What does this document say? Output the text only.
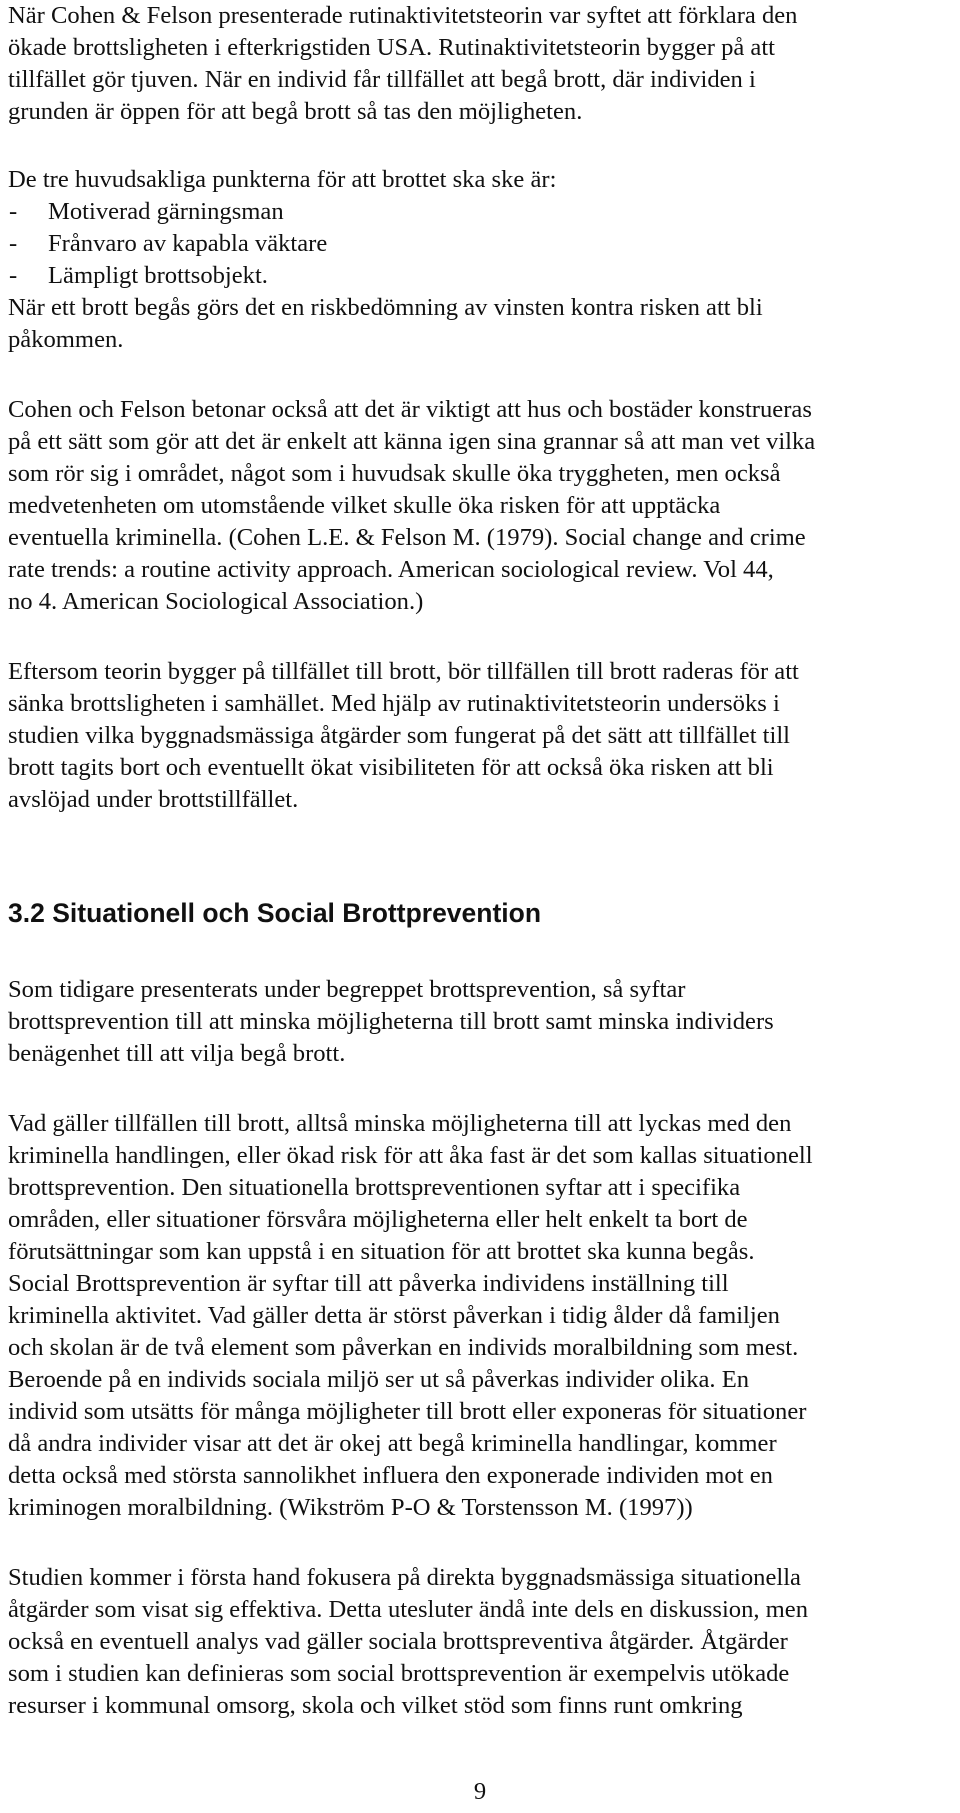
När Cohen & Felson presenterade rutinaktivitetsteorin var syftet att förklara den
ökade brottsligheten i efterkrigstiden USA. Rutinaktivitetsteorin bygger på att
tillfället gör tjuven. När en individ får tillfället att begå brott, där individen i
grunden är öppen för att begå brott så tas den möjligheten.
De tre huvudsakliga punkterna för att brottet ska ske är:
- Motiverad gärningsman
- Frånvaro av kapabla väktare
- Lämpligt brottsobjekt.
När ett brott begås görs det en riskbedömning av vinsten kontra risken att bli
påkommen.
Cohen och Felson betonar också att det är viktigt att hus och bostäder konstrueras
på ett sätt som gör att det är enkelt att känna igen sina grannar så att man vet vilka
som rör sig i området, något som i huvudsak skulle öka tryggheten, men också
medvetenheten om utomstående vilket skulle öka risken för att upptäcka
eventuella kriminella. (Cohen L.E. & Felson M. (1979). Social change and crime
rate trends: a routine activity approach. American sociological review. Vol 44,
no 4. American Sociological Association.)
Eftersom teorin bygger på tillfället till brott, bör tillfällen till brott raderas för att
sänka brottsligheten i samhället. Med hjälp av rutinaktivitetsteorin undersöks i
studien vilka byggnadsmässiga åtgärder som fungerat på det sätt att tillfället till
brott tagits bort och eventuellt ökat visibiliteten för att också öka risken att bli
avslöjad under brottstillfället.
3.2 Situationell och Social Brottprevention
Som tidigare presenterats under begreppet brottsprevention, så syftar
brottsprevention till att minska möjligheterna till brott samt minska individers
benägenhet till att vilja begå brott.
Vad gäller tillfällen till brott, alltså minska möjligheterna till att lyckas med den
kriminella handlingen, eller ökad risk för att åka fast är det som kallas situationell
brottsprevention. Den situationella brottspreventionen syftar att i specifika
områden, eller situationer försvåra möjligheterna eller helt enkelt ta bort de
förutsättningar som kan uppstå i en situation för att brottet ska kunna begås.
Social Brottsprevention är syftar till att påverka individens inställning till
kriminella aktivitet. Vad gäller detta är störst påverkan i tidig ålder då familjen
och skolan är de två element som påverkan en individs moralbildning som mest.
Beroende på en individs sociala miljö ser ut så påverkas individer olika. En
individ som utsätts för många möjligheter till brott eller exponeras för situationer
då andra individer visar att det är okej att begå kriminella handlingar, kommer
detta också med största sannolikhet influera den exponerade individen mot en
kriminogen moralbildning. (Wikström P-O & Torstensson M. (1997))
Studien kommer i första hand fokusera på direkta byggnadsmässiga situationella
åtgärder som visat sig effektiva. Detta utesluter ändå inte dels en diskussion, men
också en eventuell analys vad gäller sociala brottspreventiva åtgärder. Åtgärder
som i studien kan definieras som social brottsprevention är exempelvis utökade
resurser i kommunal omsorg, skola och vilket stöd som finns runt omkring
9
